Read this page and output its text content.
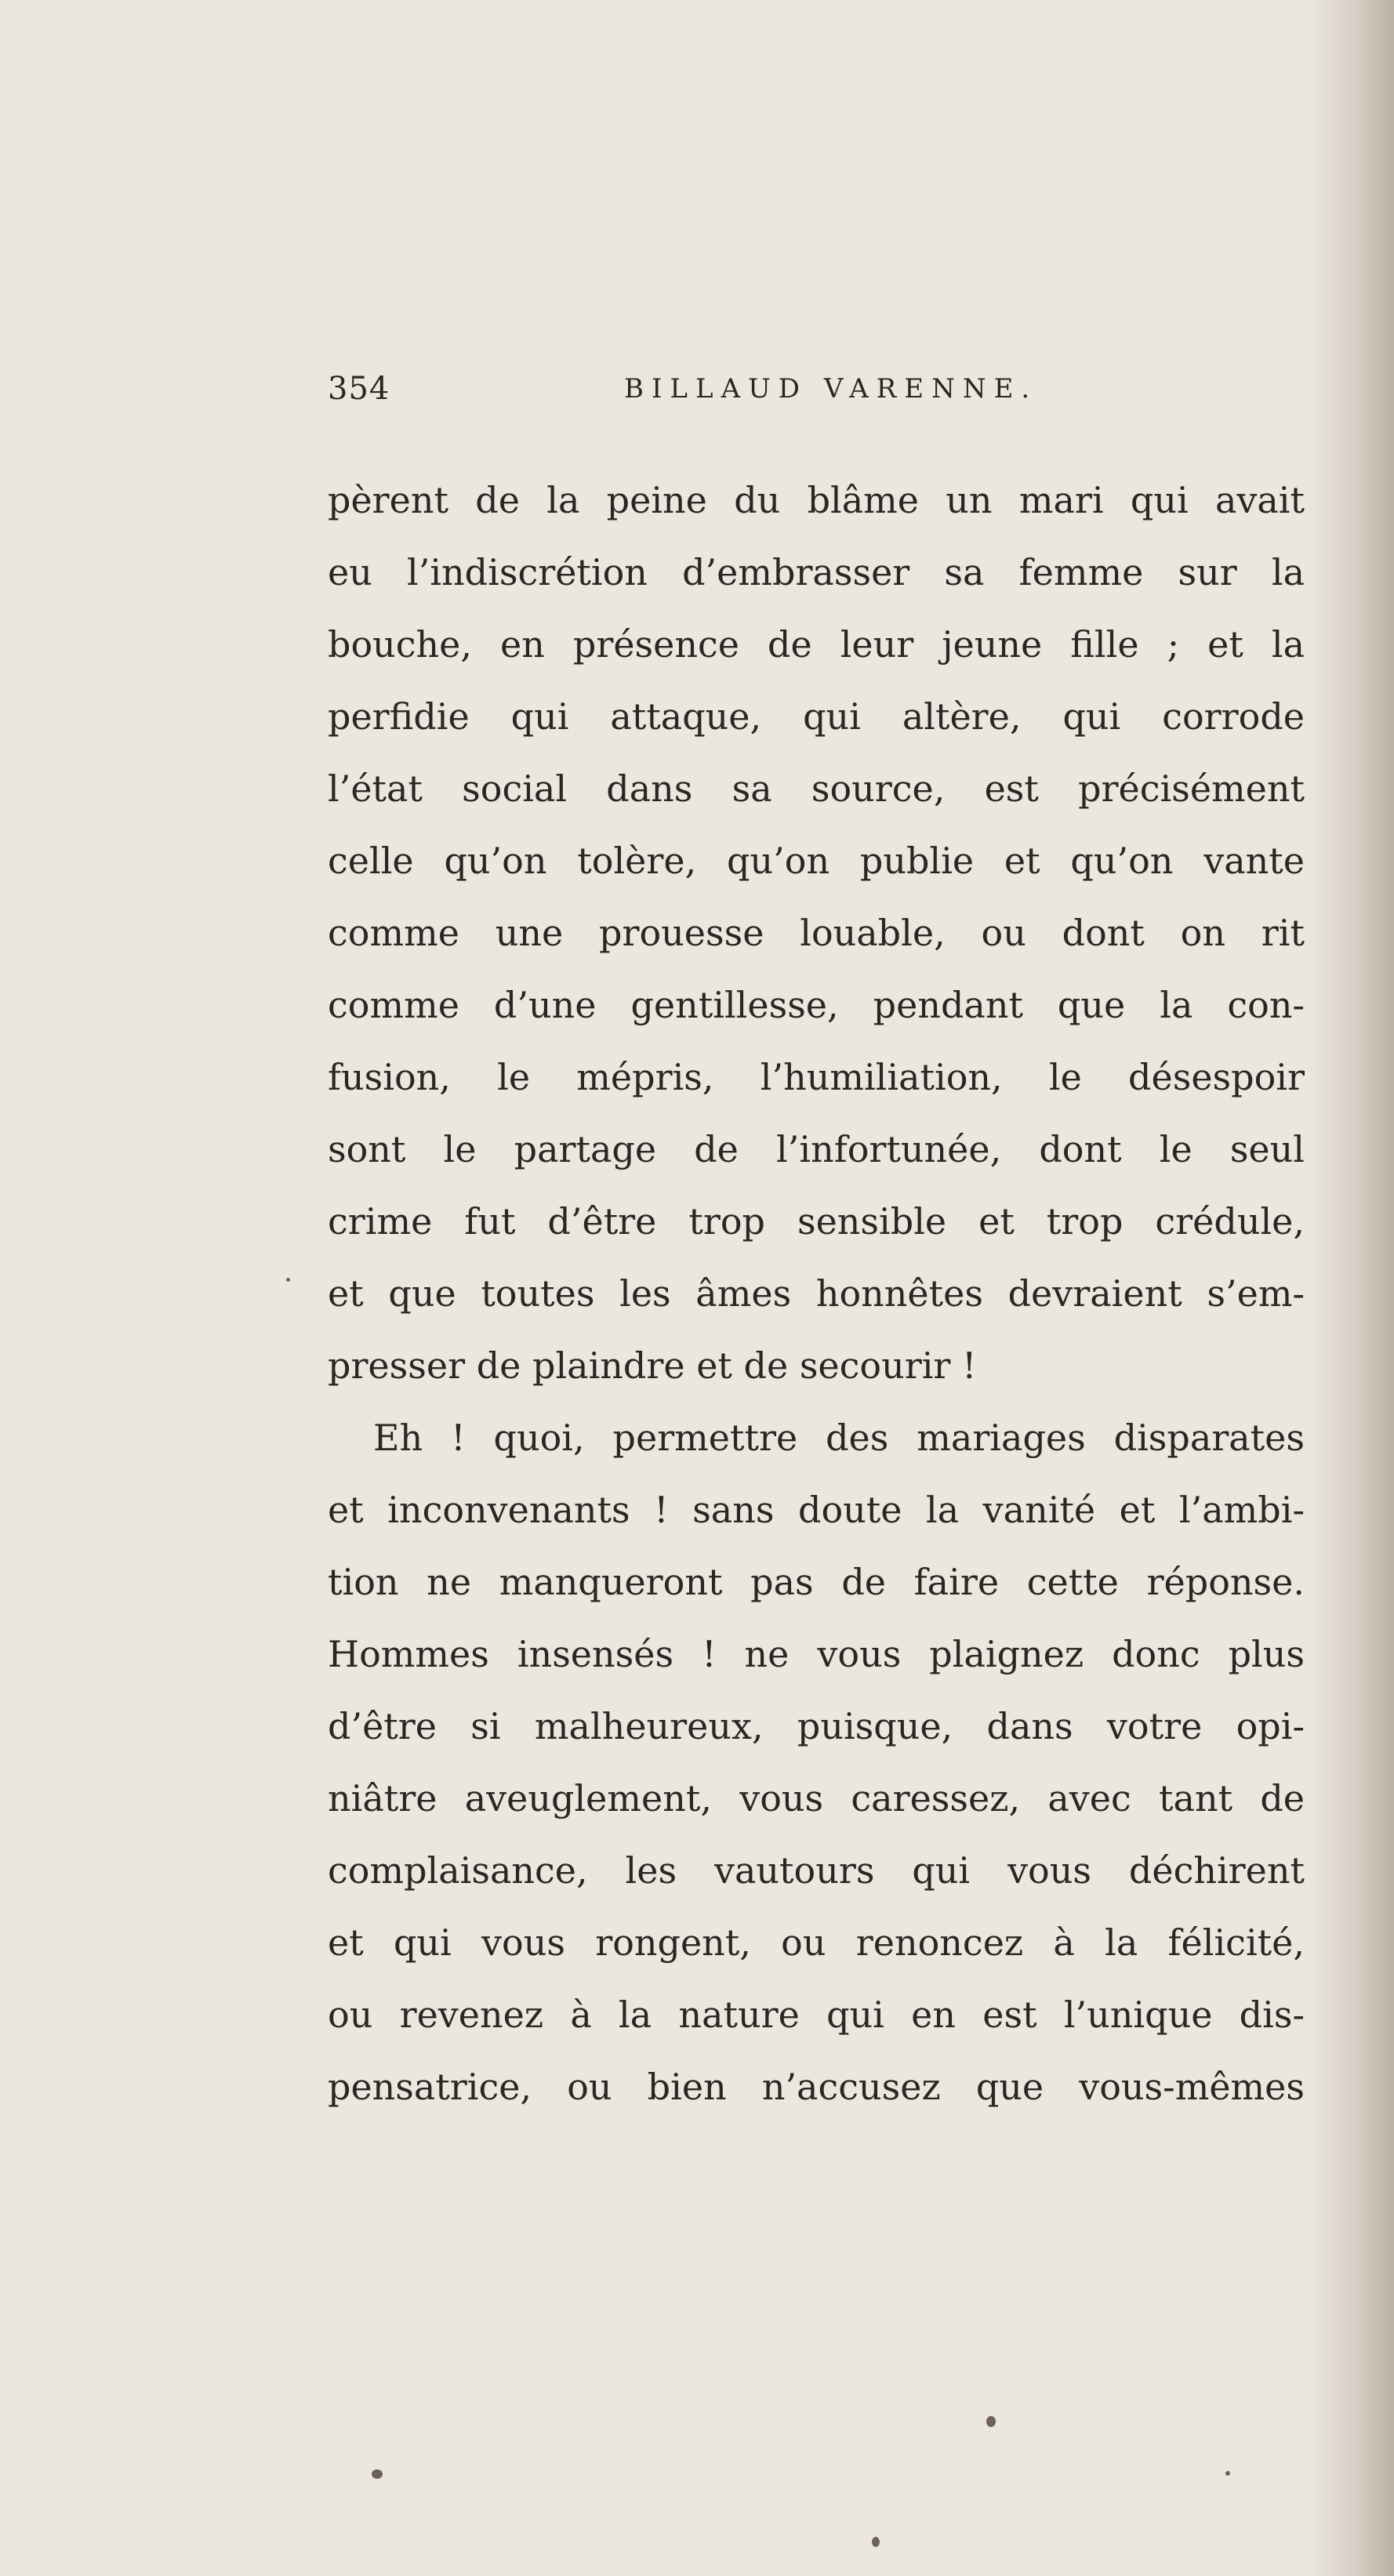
354	BILLAUD VARENNE.
pèrent de la peine du blâme un mari qui avait
eu l’indiscrétion d’embrasser sa femme sur la
bouche, en présence de leur jeune fille ; et la
perfidie qui attaque, qui altère, qui corrode
l’état social dans sa source, est précisément
celle qu’on tolère, qu’on publie et qu’on vante
comme une prouesse louable, ou dont on rit
comme d’une gentillesse, pendant que la con-
fusion, le mépris, l’humiliation, le désespoir
sont le partage de l’infortunée, dont le seul
crime fut d’être trop sensible et trop crédule,
et que toutes les âmes honnêtes devraient s’em-
presser de plaindre et de secourir !
Eh ! quoi, permettre des mariages disparates
et inconvenants ! sans doute la vanité et l’ambi-
tion ne manqueront pas de faire cette réponse.
Hommes insensés ! ne vous plaignez donc plus
d’être si malheureux, puisque, dans votre opi-
niâtre aveuglement, vous caressez, avec tant de
complaisance, les vautours qui vous déchirent
et qui vous rongent, ou renoncez à la félicité,
ou revenez à la nature qui en est l’unique dis-
pensatrice, ou bien n’accusez que vous-mêmes
